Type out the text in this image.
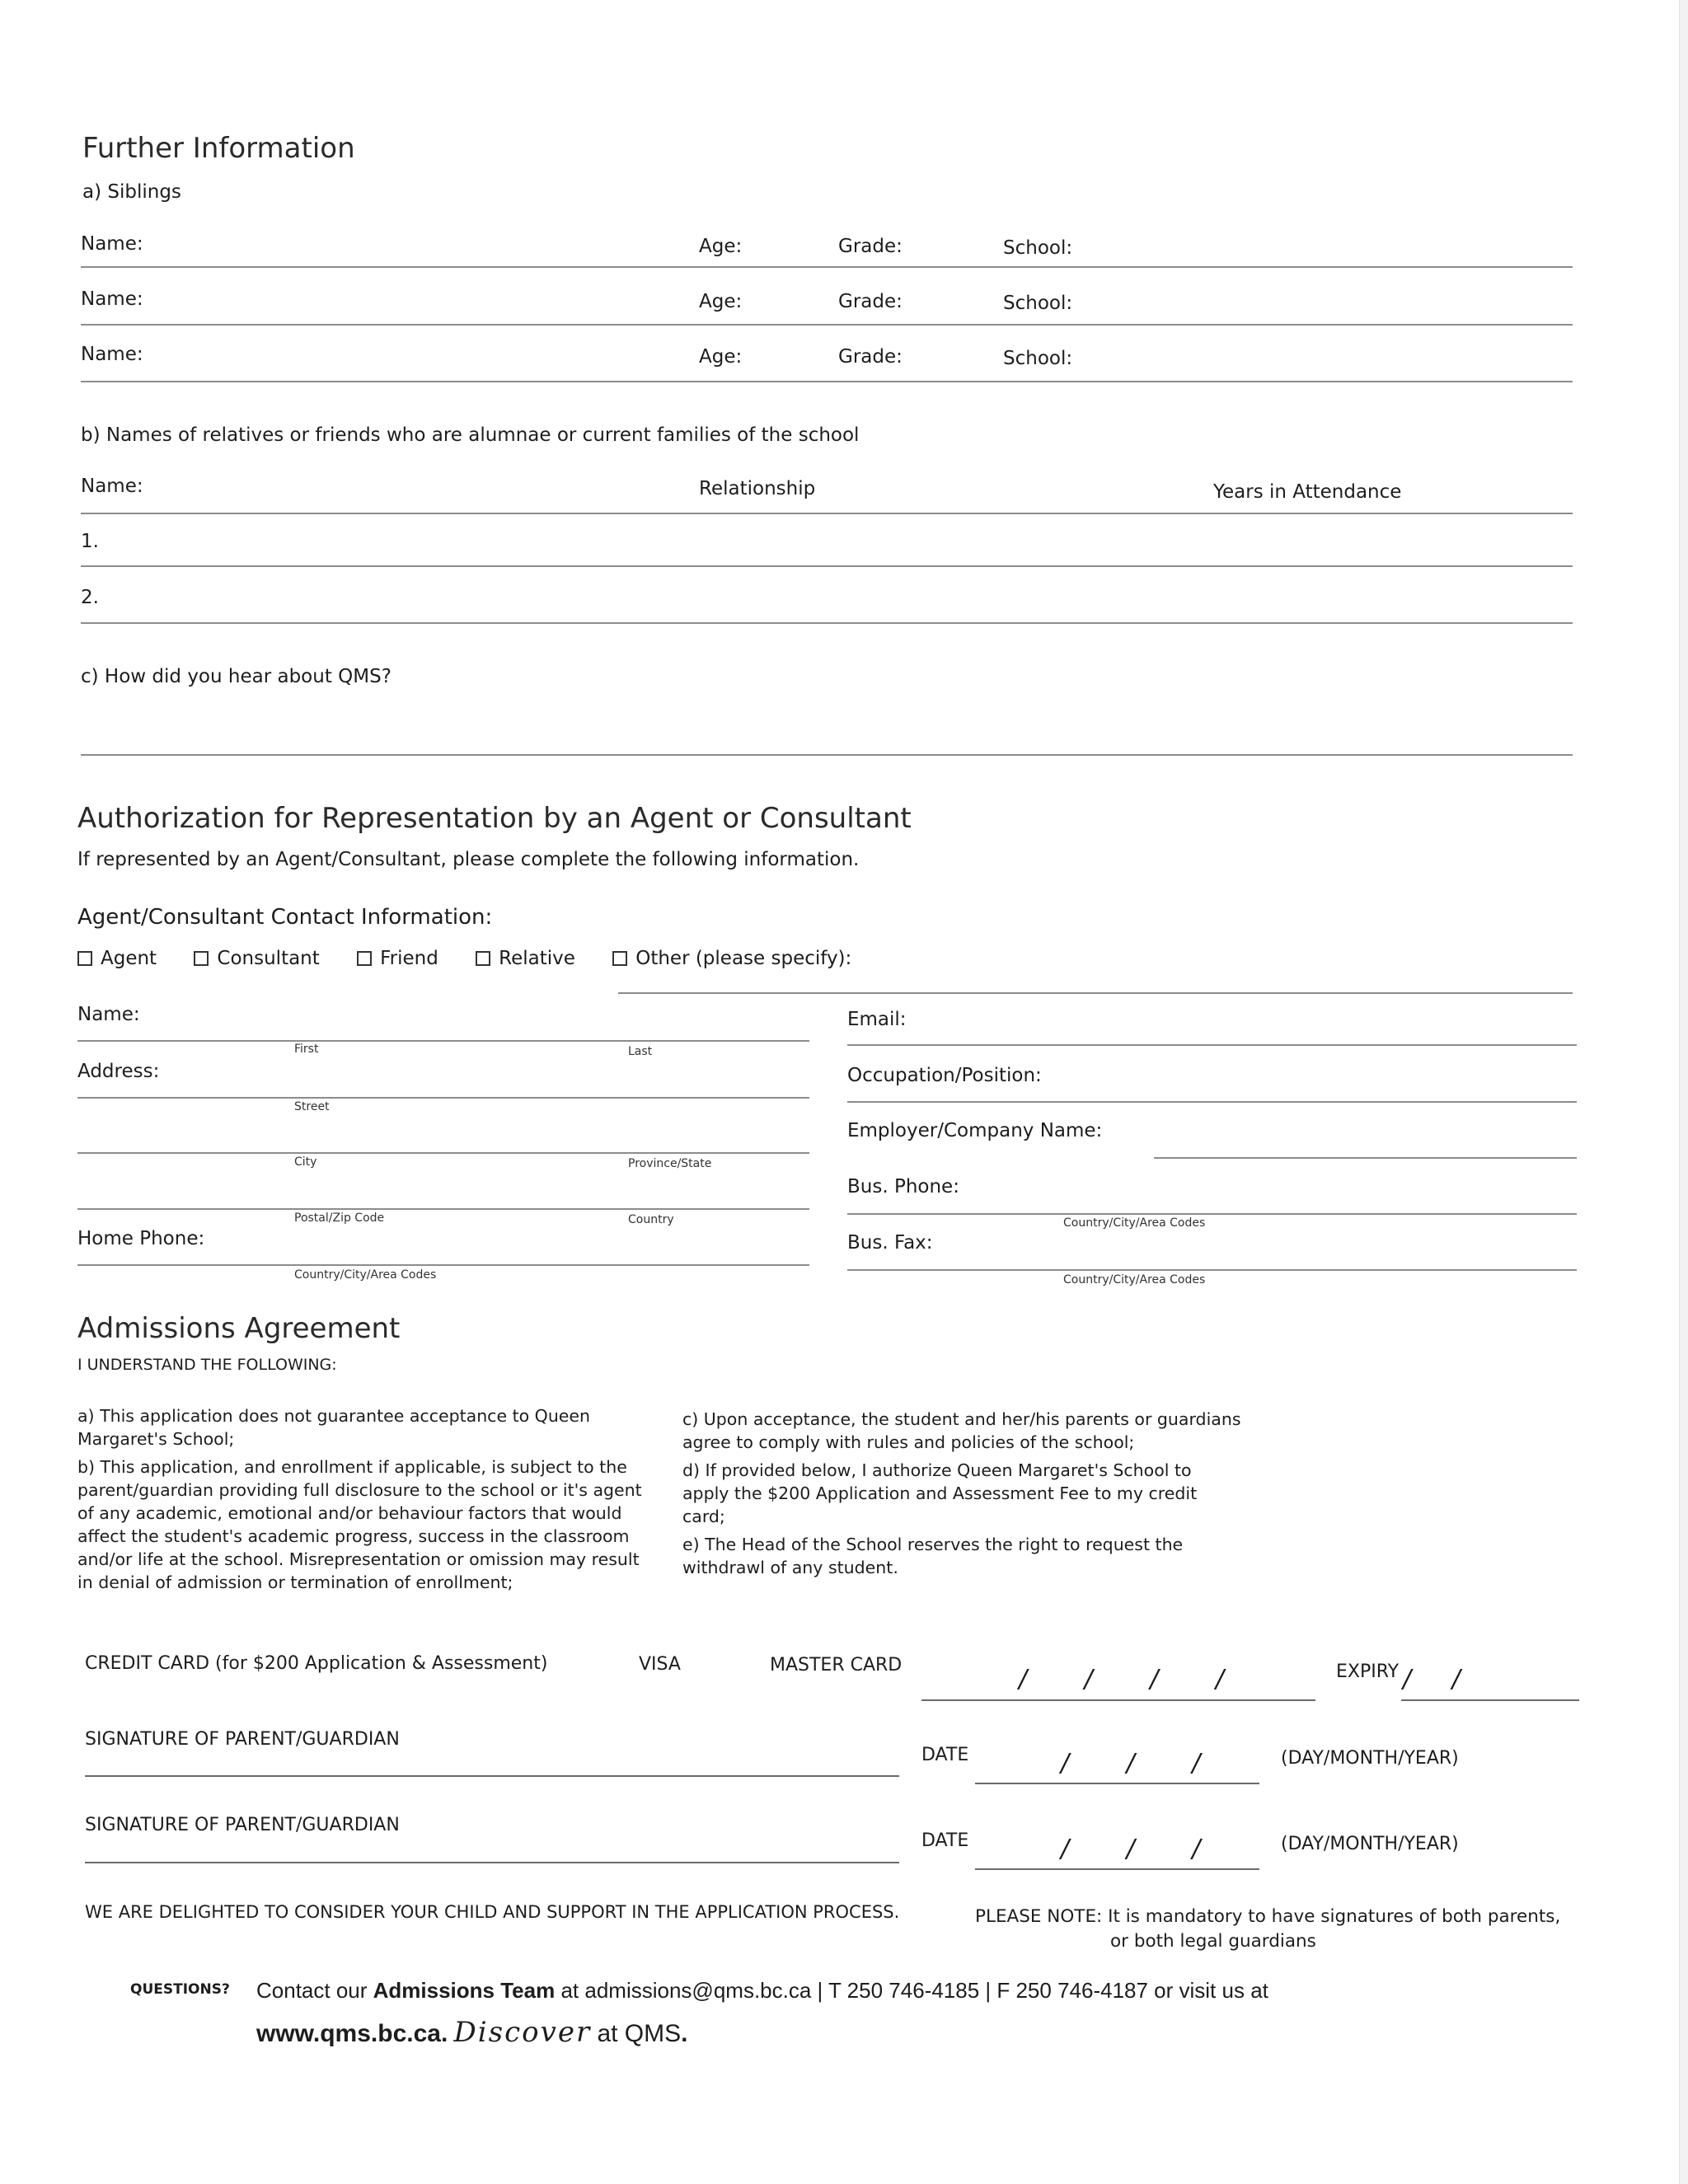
Further Information
a) Siblings
Name:	Age:	Grade:	School:
Name:	Age:	Grade:	School:
Name:	Age:	Grade:	School:
b) Names of relatives or friends who are alumnae or current families of the school
Name:	Relationship	Years in Attendance
1.
2.
c) How did you hear about QMS?
Authorization for Representation by an Agent or Consultant
If represented by an Agent/Consultant, please complete the following information.
Agent/Consultant Contact Information:
Agent	Consultant	Friend	Relative	Other (please specify):
Name:
First	Last
Address:
Street
City	Province/State
Postal/Zip Code	Country
Home Phone:
Country/City/Area Codes
Email:
Occupation/Position:
Employer/Company Name:
Bus. Phone:
Country/City/Area Codes
Bus. Fax:
Country/City/Area Codes
Admissions Agreement
I UNDERSTAND THE FOLLOWING:

a) This application does not guarantee acceptance to Queen Margaret's School;

b) This application, and enrollment if applicable, is subject to the parent/guardian providing full disclosure to the school or it's agent of any academic, emotional and/or behaviour factors that would affect the student's academic progress, success in the classroom and/or life at the school. Misrepresentation or omission may result in denial of admission or termination of enrollment;

c) Upon acceptance, the student and her/his parents or guardians agree to comply with rules and policies of the school;

d) If provided below, I authorize Queen Margaret's School to apply the $200 Application and Assessment Fee to my credit card;

e) The Head of the School reserves the right to request the withdrawl of any student.

CREDIT CARD (for $200 Application & Assessment)	VISA	MASTER CARD	/ / / /	EXPIRY / /
SIGNATURE OF PARENT/GUARDIAN
DATE	/ / /	(DAY/MONTH/YEAR)
SIGNATURE OF PARENT/GUARDIAN
DATE	/ / /	(DAY/MONTH/YEAR)
WE ARE DELIGHTED TO CONSIDER YOUR CHILD AND SUPPORT IN THE APPLICATION PROCESS.	PLEASE NOTE: It is mandatory to have signatures of both parents,
or both legal guardians
QUESTIONS? Contact our Admissions Team at admissions@qms.bc.ca | T 250 746-4185 | F 250 746-4187 or visit us at
www.qms.bc.ca. Discover at QMS.
